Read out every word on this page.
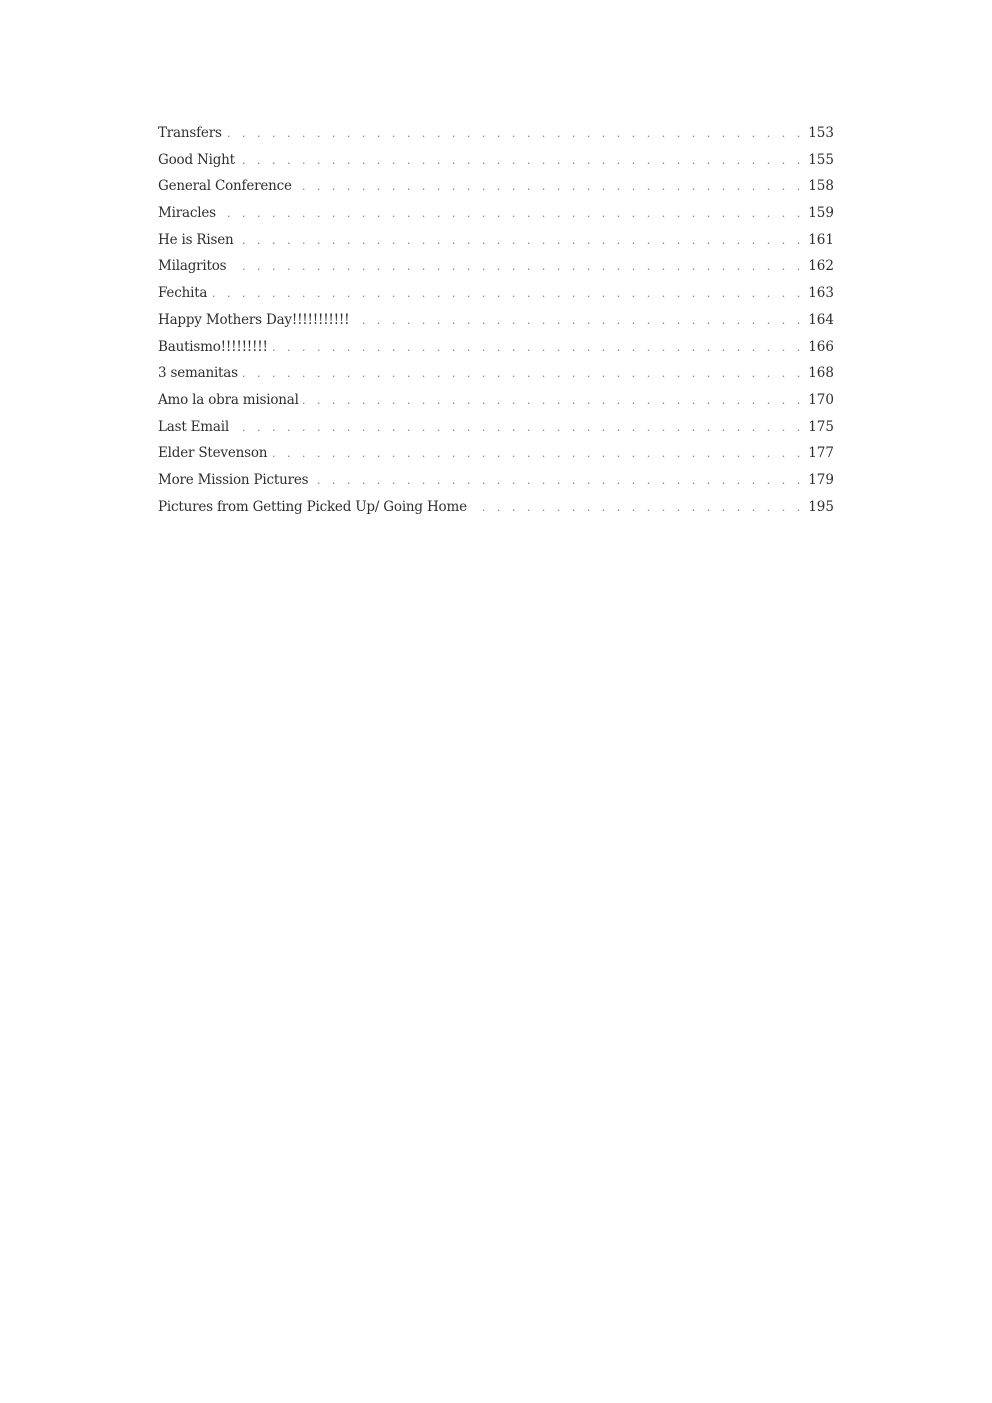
Transfers . . .	153
Good Night . . .	155
General Conference . . .	158
Miracles . . .	159
He is Risen . . .	161
Milagritos . . .	162
Fechita . . .	163
Happy Mothers Day!!!!!!!!!!! . . .	164
Bautismo!!!!!!!!! . . .	166
3 semanitas . . .	168
Amo la obra misional . . .	170
Last Email . . .	175
Elder Stevenson . . .	177
More Mission Pictures . . .	179
Pictures from Getting Picked Up/ Going Home . . .	195
